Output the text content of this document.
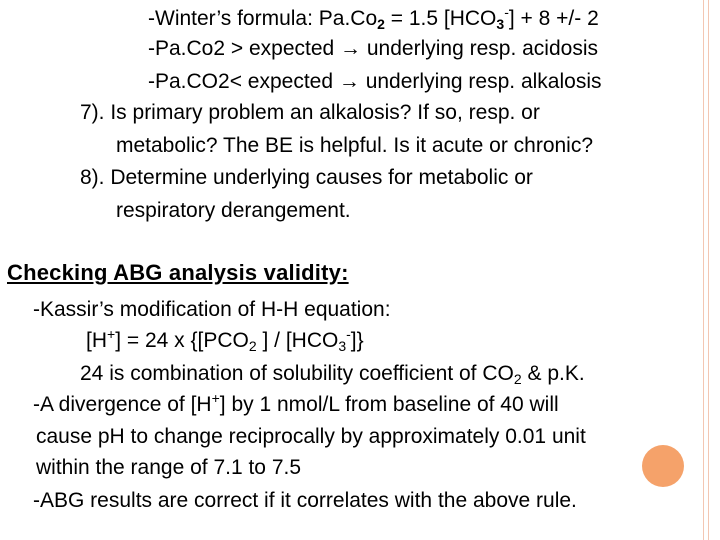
-Winter’s formula: $Pa.Co_2 = 1.5$ $[HCO_3^-] + 8$ +/- 2
-Pa.Co2 > expected → underlying resp. acidosis
-Pa.CO2< expected → underlying resp. alkalosis
7). Is primary problem an alkalosis? If so, resp. or
metabolic? The BE is helpful. Is it acute or chronic?
8). Determine underlying causes for metabolic or
respiratory derangement.
Checking ABG analysis validity:
-Kassir’s modification of H-H equation:
[H+] = 24 x {[$PCO_2$ ] / $[HCO_3^-]$}
24 is combination of solubility coefficient of $CO_2$ & p.K.
-A divergence of [H+] by 1 nmol/L from baseline of 40 will
cause pH to change reciprocally by approximately 0.01 unit
within the range of 7.1 to 7.5
-ABG results are correct if it correlates with the above rule.
